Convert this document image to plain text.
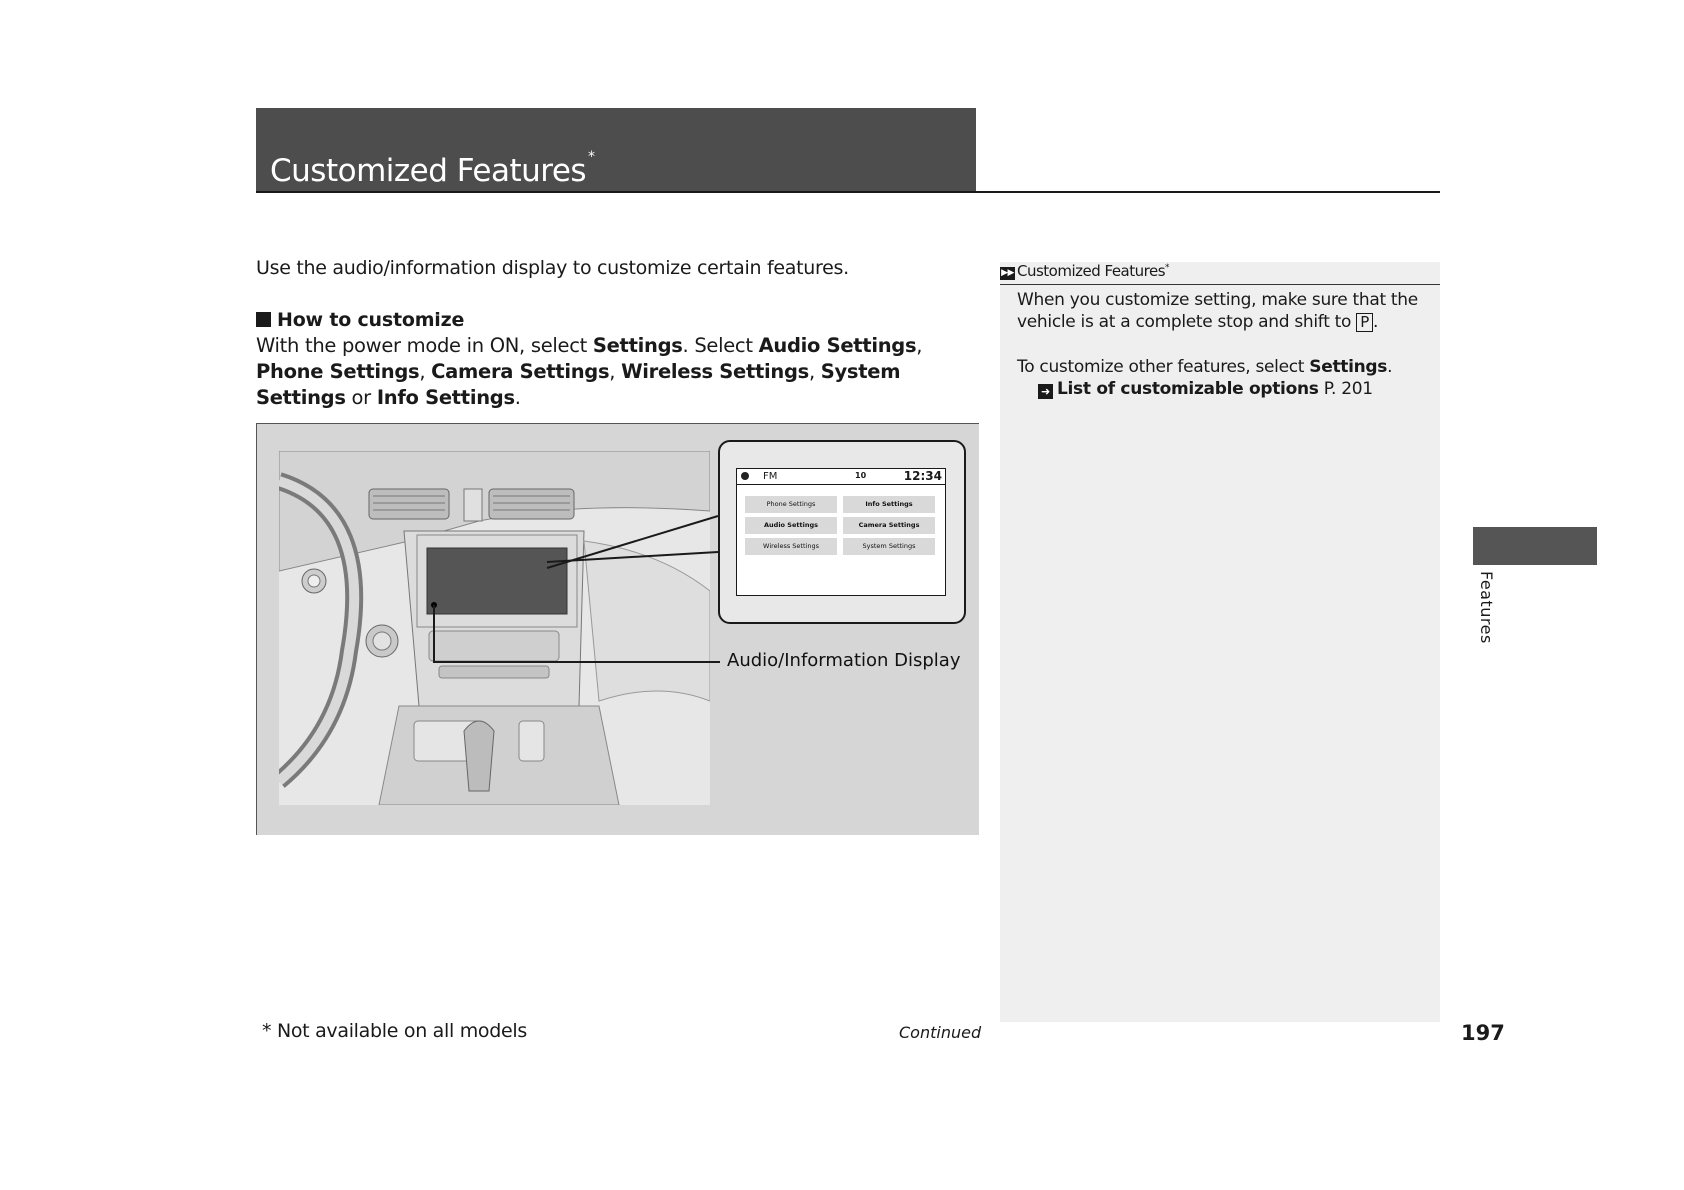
Customized Features *
Use the audio/information display to customize certain features.
How to customize
With the power mode in ON, select Settings. Select Audio Settings, Phone Settings, Camera Settings, Wireless Settings, System Settings or Info Settings.
FM	10	12:34
Phone Settings	Info Settings
Audio Settings	Camera Settings
Wireless Settings	System Settings
Audio/Information Display
▶▶ Customized Features*
When you customize setting, make sure that the vehicle is at a complete stop and shift to P .
To customize other features, select Settings.
➜ List of customizable options P. 201
Features
* Not available on all models	Continued	197
